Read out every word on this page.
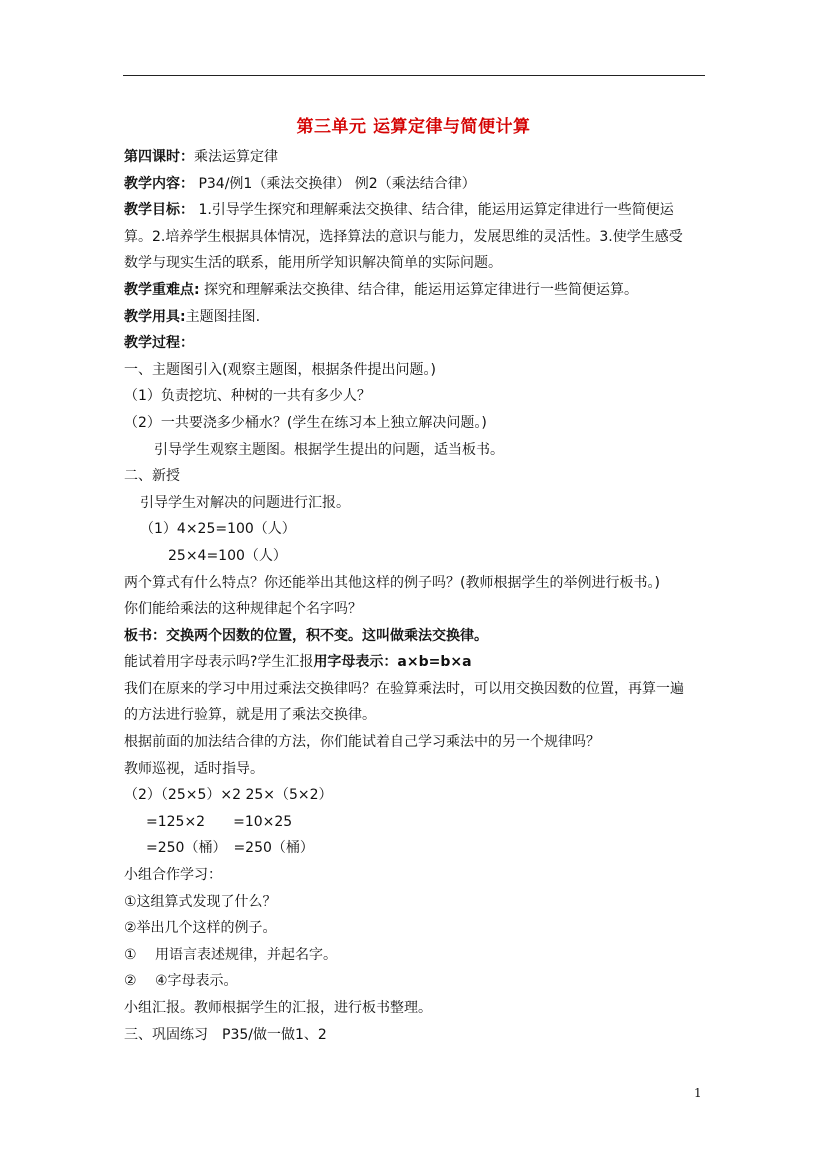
第三单元 运算定律与简便计算
第四课时：乘法运算定律
教学内容： P34/例1（乘法交换律） 例2（乘法结合律）
教学目标： 1.引导学生探究和理解乘法交换律、结合律，能运用运算定律进行一些简便运
算。2.培养学生根据具体情况，选择算法的意识与能力，发展思维的灵活性。3.使学生感受
数学与现实生活的联系，能用所学知识解决简单的实际问题。
教学重难点: 探究和理解乘法交换律、结合律，能运用运算定律进行一些简便运算。
教学用具:主题图挂图.
教学过程：
一、主题图引入(观察主题图，根据条件提出问题。)
（1）负责挖坑、种树的一共有多少人？
（2）一共要浇多少桶水？(学生在练习本上独立解决问题。)
引导学生观察主题图。根据学生提出的问题，适当板书。
二、新授
引导学生对解决的问题进行汇报。
（1）4×25=100（人）
25×4=100（人）
两个算式有什么特点？你还能举出其他这样的例子吗？(教师根据学生的举例进行板书。)
你们能给乘法的这种规律起个名字吗？
板书：交换两个因数的位置，积不变。这叫做乘法交换律。
能试着用字母表示吗?学生汇报用字母表示：a×b=b×a
我们在原来的学习中用过乘法交换律吗？在验算乘法时，可以用交换因数的位置，再算一遍
的方法进行验算，就是用了乘法交换律。
根据前面的加法结合律的方法，你们能试着自己学习乘法中的另一个规律吗？
教师巡视，适时指导。
（2）（25×5）×2 25×（5×2）
=125×2　　=10×25
=250（桶）　=250（桶）
小组合作学习：
①这组算式发现了什么？
②举出几个这样的例子。
①　 用语言表述规律，并起名字。
②　 ④字母表示。
小组汇报。教师根据学生的汇报，进行板书整理。
三、巩固练习　P35/做一做1、2
1
